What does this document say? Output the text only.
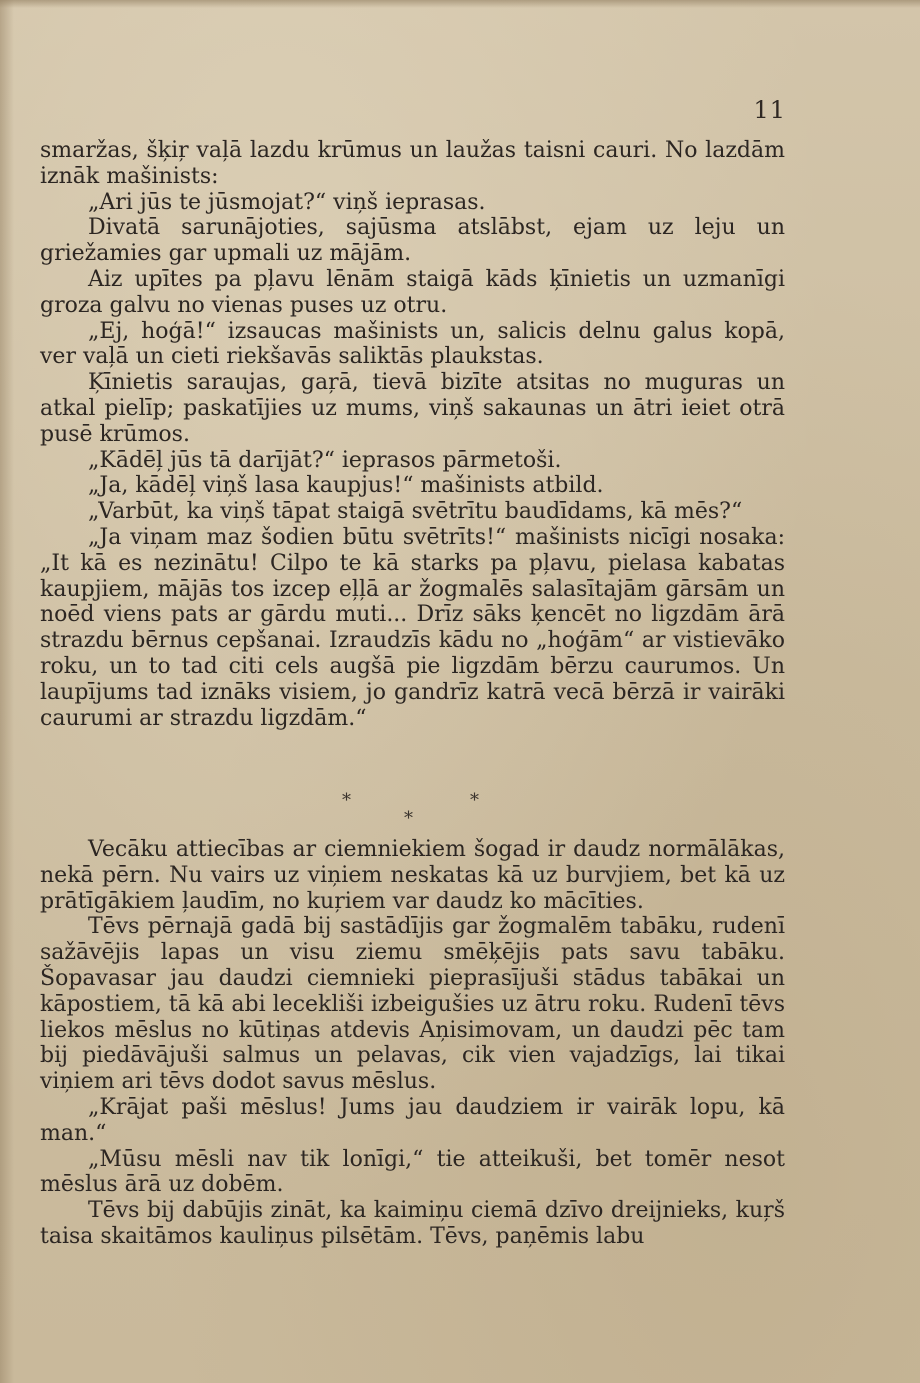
11

smaržas, šķiŗ vaļā lazdu krūmus un laužas taisni cauri. No lazdām iznāk mašinists:

„Ari jūs te jūsmojat?“ viņš ieprasas.

Divatā sarunājoties, sajūsma atslābst, ejam uz leju un griežamies gar upmali uz mājām.

Aiz upītes pa pļavu lēnām staigā kāds ķīnietis un uzmanīgi groza galvu no vienas puses uz otru.

„Ej, hoģā!“ izsaucas mašinists un, salicis delnu galus kopā, ver vaļā un cieti riekšavās saliktās plaukstas.

Ķīnietis saraujas, gaŗā, tievā bizīte atsitas no muguras un atkal pielīp; paskatījies uz mums, viņš sakaunas un ātri ieiet otrā pusē krūmos.

„Kādēļ jūs tā darījāt?“ ieprasos pārmetoši.

„Ja, kādēļ viņš lasa kaupjus!“ mašinists atbild.

„Varbūt, ka viņš tāpat staigā svētrītu baudīdams, kā mēs?“

„Ja viņam maz šodien būtu svētrīts!“ mašinists nicīgi nosaka: „It kā es nezinātu! Cilpo te kā starks pa pļavu, pielasa kabatas kaupjiem, mājās tos izcep eļļā ar žogmalēs salasītajām gārsām un noēd viens pats ar gārdu muti... Drīz sāks ķencēt no ligzdām ārā strazdu bērnus cepšanai. Izraudzīs kādu no „hoģām“ ar vistievāko roku, un to tad citi cels augšā pie ligzdām bērzu caurumos. Un laupījums tad iznāks visiem, jo gandrīz katrā vecā bērzā ir vairāki caurumi ar strazdu ligzdām.“

*	*
*

Vecāku attiecības ar ciemniekiem šogad ir daudz normālākas, nekā pērn. Nu vairs uz viņiem neskatas kā uz burvjiem, bet kā uz prātīgākiem ļaudīm, no kuŗiem var daudz ko mācīties.

Tēvs pērnajā gadā bij sastādījis gar žogmalēm tabāku, rudenī sažāvējis lapas un visu ziemu smēķējis pats savu tabāku. Šopavasar jau daudzi ciemnieki pieprasījuši stādus tabākai un kāpostiem, tā kā abi lecekliši izbeigušies uz ātru roku. Rudenī tēvs liekos mēslus no kūtiņas atdevis Aņisimovam, un daudzi pēc tam bij piedāvājuši salmus un pelavas, cik vien vajadzīgs, lai tikai viņiem ari tēvs dodot savus mēslus.

„Krājat paši mēslus! Jums jau daudziem ir vairāk lopu, kā man.“

„Mūsu mēsli nav tik lonīgi,“ tie atteikuši, bet tomēr nesot mēslus ārā uz dobēm.

Tēvs bij dabūjis zināt, ka kaimiņu ciemā dzīvo dreijnieks, kuŗš taisa skaitāmos kauliņus pilsētām. Tēvs, paņēmis labu
